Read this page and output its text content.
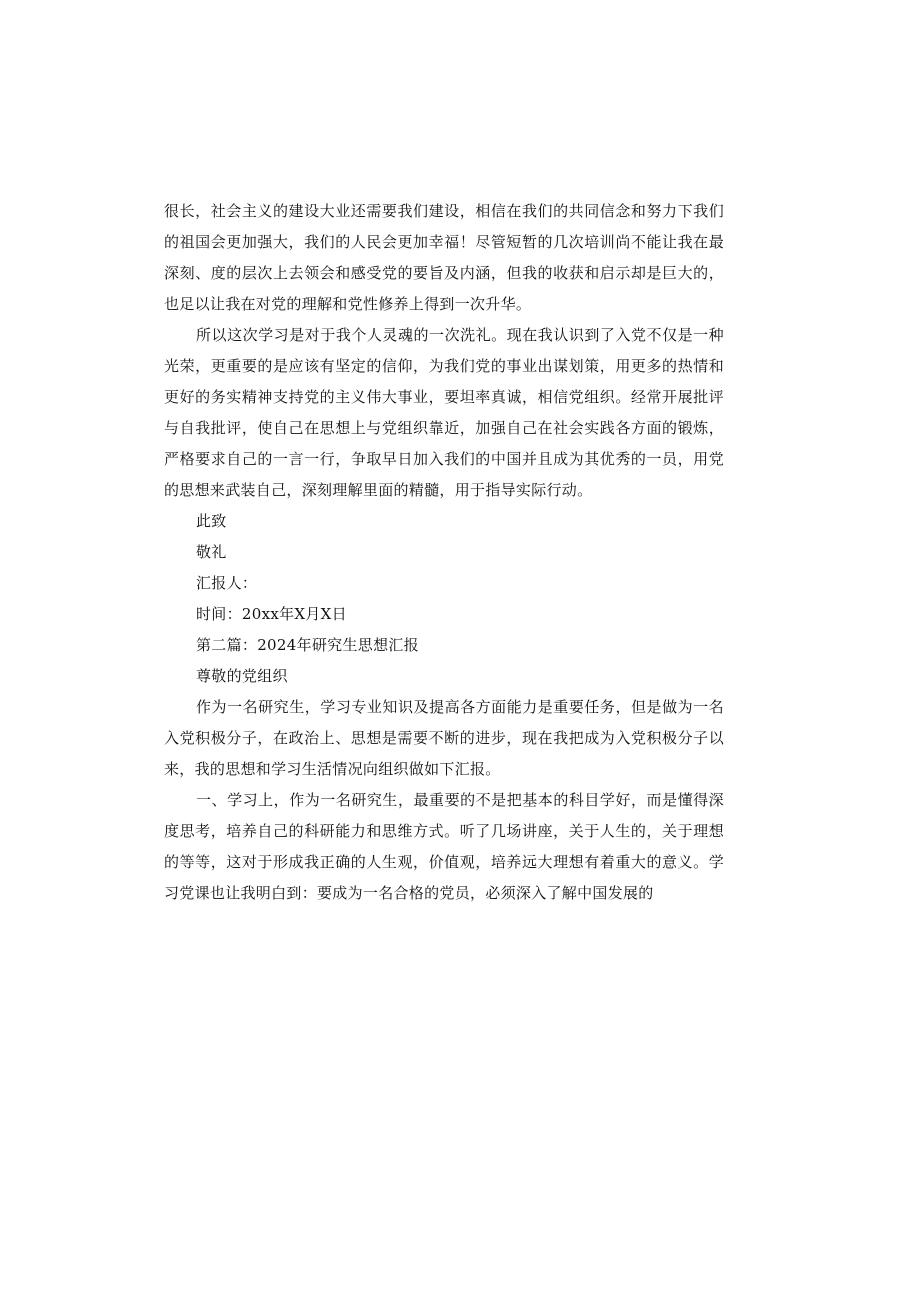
很长，社会主义的建设大业还需要我们建设，相信在我们的共同信念和努力下我们的祖国会更加强大，我们的人民会更加幸福！尽管短暂的几次培训尚不能让我在最深刻、度的层次上去领会和感受党的要旨及内涵，但我的收获和启示却是巨大的，也足以让我在对党的理解和党性修养上得到一次升华。

所以这次学习是对于我个人灵魂的一次洗礼。现在我认识到了入党不仅是一种光荣，更重要的是应该有坚定的信仰，为我们党的事业出谋划策，用更多的热情和更好的务实精神支持党的主义伟大事业，要坦率真诚，相信党组织。经常开展批评与自我批评，使自己在思想上与党组织靠近，加强自己在社会实践各方面的锻炼，严格要求自己的一言一行，争取早日加入我们的中国并且成为其优秀的一员，用党的思想来武装自己，深刻理解里面的精髓，用于指导实际行动。

此致

敬礼

汇报人：

时间：20xx年X月X日

第二篇：2024年研究生思想汇报

尊敬的党组织

作为一名研究生，学习专业知识及提高各方面能力是重要任务，但是做为一名入党积极分子，在政治上、思想是需要不断的进步，现在我把成为入党积极分子以来，我的思想和学习生活情况向组织做如下汇报。

一、学习上，作为一名研究生，最重要的不是把基本的科目学好，而是懂得深度思考，培养自己的科研能力和思维方式。听了几场讲座，关于人生的，关于理想的等等，这对于形成我正确的人生观，价值观，培养远大理想有着重大的意义。学习党课也让我明白到：要成为一名合格的党员，必须深入了解中国发展的
